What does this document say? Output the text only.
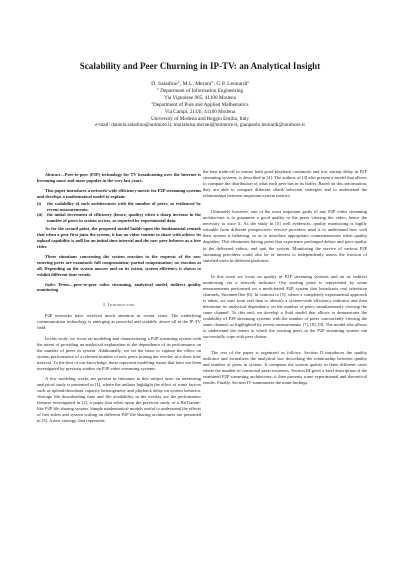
Scalability and Peer Churning in IP-TV: an Analytical Insight
D. Saladino°, M.L. Merani°, G.P. Leonardiª
° Department of Information Engineering
Via Vignolese 905, 41100 Modena
ªDepartment of Pure and Applied Mathematics
Via Campi, 213/b, 41100 Modena
University of Modena and Reggio Emilia, Italy
e-mail: daniela.saladino@unimore.it, marialuisa.merani@unimore.it, gianpaolo.leonardi@unimore.it

Abstract—Peer-to-peer (P2P) technology for TV broadcasting over the Internet is becoming more and more popular in the very last years.

This paper introduces a network-wide efficiency metric for P2P streaming systems and develops a mathematical model to explain:

(i) the scalability of such architectures with the number of peers, as evidenced by recent measurements;
(ii) the initial decrement of efficiency (hence, quality) when a sharp increase in the number of peers in system occurs, as reported by experimental data.

As for the second point, the proposed model builds upon the fundamental remark that when a peer first joins the system, it has no video content to share with others: its upload capability is null for an initial time interval and the new peer behaves as a free rider.

Three situations concerning the system reaction to the requests of the new entering peers are examined: full compensation; partial compensation; no reaction at all. Depending on the system answer and on its extent, system efficiency is shown to exhibit different time trends.

Index Terms—peer-to-peer video streaming, analytical model, indirect quality monitoring

I. Introduction

P2P networks have received much attention in recent years. The underlying communication technology is emerging as powerful and scalable, above all in the IP-TV field.

In this work, we focus on modeling and characterizing a P2P streaming system with the intent of providing an analytical explanation to the dependence of its performance on the number of peers in system. Additionally, we set the basis to capture the effect on system performance of a relevant number of new peers joining the overlay in a short time interval. To the best of our knowledge, these represent modeling issues that have not been investigated by previous studies on P2P video streaming systems.

A few modeling works are present in literature in this subject area: an interesting analytical study is presented in [1], where the authors highlight the effect of some factors such as upload/download capacity heterogeneity and playback delay on system behavior. Average file downloading time and file availability in the overlay are the performance features investigated in [2], a paper that relies upon the previous study of a BitTorrent-like P2P file sharing system. Simple mathematical models useful to understand the effects of free riders and system scaling on different P2P file sharing architectures are presented in [3]. A new strategy, that represents

the best trade-off to ensure both good playback continuity and low startup delay in P2P streaming systems, is described in [4]. The authors of [4] also present a model that allows to compute the distribution of what each peer has in its buffer. Based on this information, they are able to compare different chunk selection strategies and to understand the relationships between important system metrics.

Ultimately however, one of the most important goals of any P2P video streaming architecture is to guarantee a good quality to the peers viewing the video; hence the necessity to trace it. As the study in [5] well evidences, quality monitoring is highly valuable from different perspectives: service providers need it to understand how well their system is behaving, so as to introduce appropriate countermeasures when quality degrades. This eliminates having peers that experience prolonged delays and poor quality in the delivered videos, and quit the system. Monitoring the service of various P2P streaming providers could also be of interest to independently assess the fraction of satisfied users in different platforms.

In this work we focus on quality in P2P streaming systems and on its indirect monitoring via a network indicator. Our starting point is represented by some measurements performed on a mesh-based P2P system that broadcasts real television channels, StreamerOne [6]. In contrast to [5], where a completely experimental approach is taken, we start from real data to identify a system-wide efficiency indicator and then determine its analytical dependency on the number of peers simultaneously viewing the same channel. To this end, we develop a fluid model that allows to demonstrate the scalability of P2P streaming systems with the number of peers concurrently viewing the same channel, as highlighted by recent measurements [7], [8], [9]. The model also allows to understand the extent to which the existing peers in the P2P streaming system can successfully cope with peer churns.

The rest of the paper is organized as follows. Section II introduces the quality indicator and formalizes the analytical law describing the relationship between quality and number of peers in system. It computes the system quality in three different cases where the number of connected peers increases. Section III gives a brief description of the examined P2P streaming architecture; it then presents some experimental and theoretical results. Finally, Section IV summarizes the main findings.
